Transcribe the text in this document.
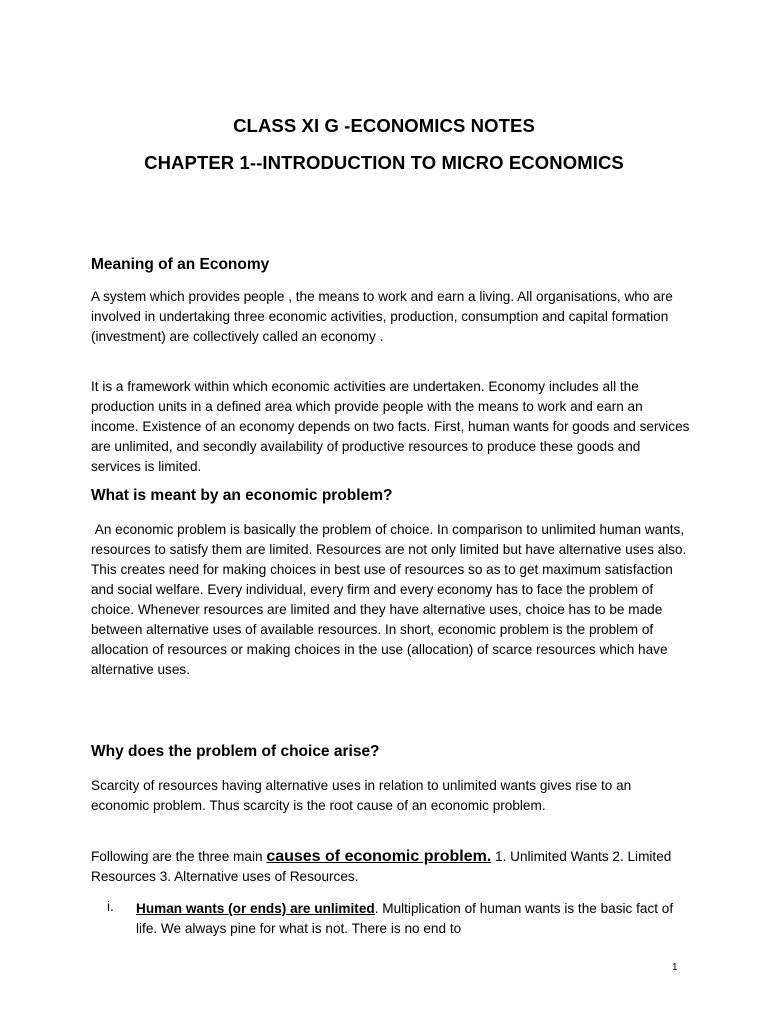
CLASS XI G -ECONOMICS NOTES
CHAPTER 1--INTRODUCTION TO MICRO ECONOMICS
Meaning of an Economy

A system which provides people , the means to work and earn a living. All organisations, who are involved in undertaking three economic activities, production, consumption and capital formation (investment) are collectively called an economy .

It is a framework within which economic activities are undertaken. Economy includes all the production units in a defined area which provide people with the means to work and earn an income. Existence of an economy depends on two facts. First, human wants for goods and services are unlimited, and secondly availability of productive resources to produce these goods and services is limited.

What is meant by an economic problem?

An economic problem is basically the problem of choice. In comparison to unlimited human wants, resources to satisfy them are limited. Resources are not only limited but have alternative uses also. This creates need for making choices in best use of resources so as to get maximum satisfaction and social welfare. Every individual, every firm and every economy has to face the problem of choice. Whenever resources are limited and they have alternative uses, choice has to be made between alternative uses of available resources. In short, economic problem is the problem of allocation of resources or making choices in the use (allocation) of scarce resources which have alternative uses.

Why does the problem of choice arise?

Scarcity of resources having alternative uses in relation to unlimited wants gives rise to an economic problem. Thus scarcity is the root cause of an economic problem.

Following are the three main causes of economic problem. 1. Unlimited Wants 2. Limited Resources 3. Alternative uses of Resources.

i. Human wants (or ends) are unlimited. Multiplication of human wants is the basic fact of life. We always pine for what is not. There is no end to

1
